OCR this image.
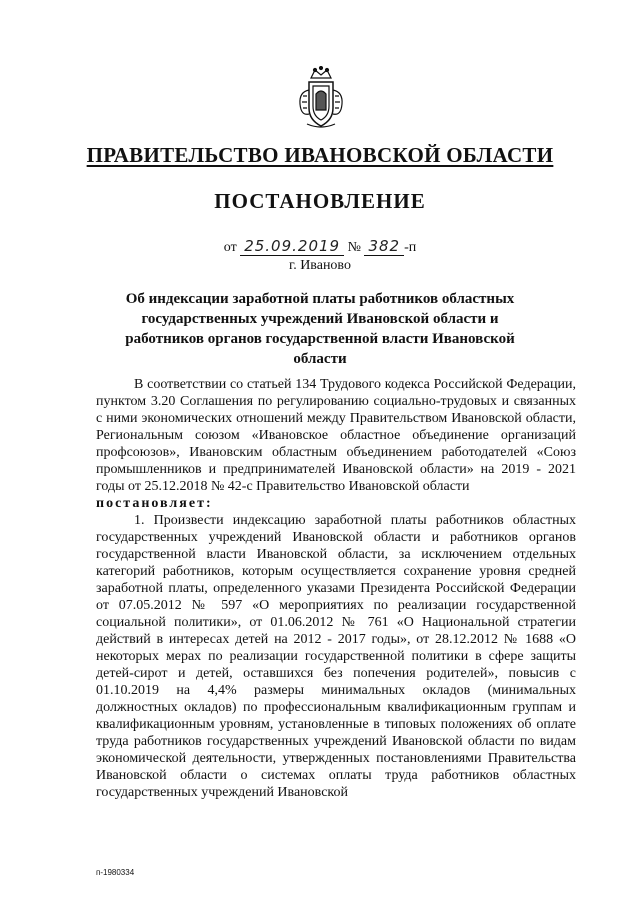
ПРАВИТЕЛЬСТВО ИВАНОВСКОЙ ОБЛАСТИ
ПОСТАНОВЛЕНИЕ
от 25.09.2019 № 382 -п
г. Иваново
Об индексации заработной платы работников областных государственных учреждений Ивановской области и работников органов государственной власти Ивановской области

В соответствии со статьей 134 Трудового кодекса Российской Федерации, пунктом 3.20 Соглашения по регулированию социально-трудовых и связанных с ними экономических отношений между Правительством Ивановской области, Региональным союзом «Ивановское областное объединение организаций профсоюзов», Ивановским областным объединением работодателей «Союз промышленников и предпринимателей Ивановской области» на 2019 - 2021 годы от 25.12.2018 № 42-с Правительство Ивановской области

постановляет:

1. Произвести индексацию заработной платы работников областных государственных учреждений Ивановской области и работников органов государственной власти Ивановской области, за исключением отдельных категорий работников, которым осуществляется сохранение уровня средней заработной платы, определенного указами Президента Российской Федерации от 07.05.2012 № 597 «О мероприятиях по реализации государственной социальной политики», от 01.06.2012 № 761 «О Национальной стратегии действий в интересах детей на 2012 - 2017 годы», от 28.12.2012 № 1688 «О некоторых мерах по реализации государственной политики в сфере защиты детей-сирот и детей, оставшихся без попечения родителей», повысив с 01.10.2019 на 4,4% размеры минимальных окладов (минимальных должностных окладов) по профессиональным квалификационным группам и квалификационным уровням, установленные в типовых положениях об оплате труда работников государственных учреждений Ивановской области по видам экономической деятельности, утвержденных постановлениями Правительства Ивановской области о системах оплаты труда работников областных государственных учреждений Ивановской

п-1980334
